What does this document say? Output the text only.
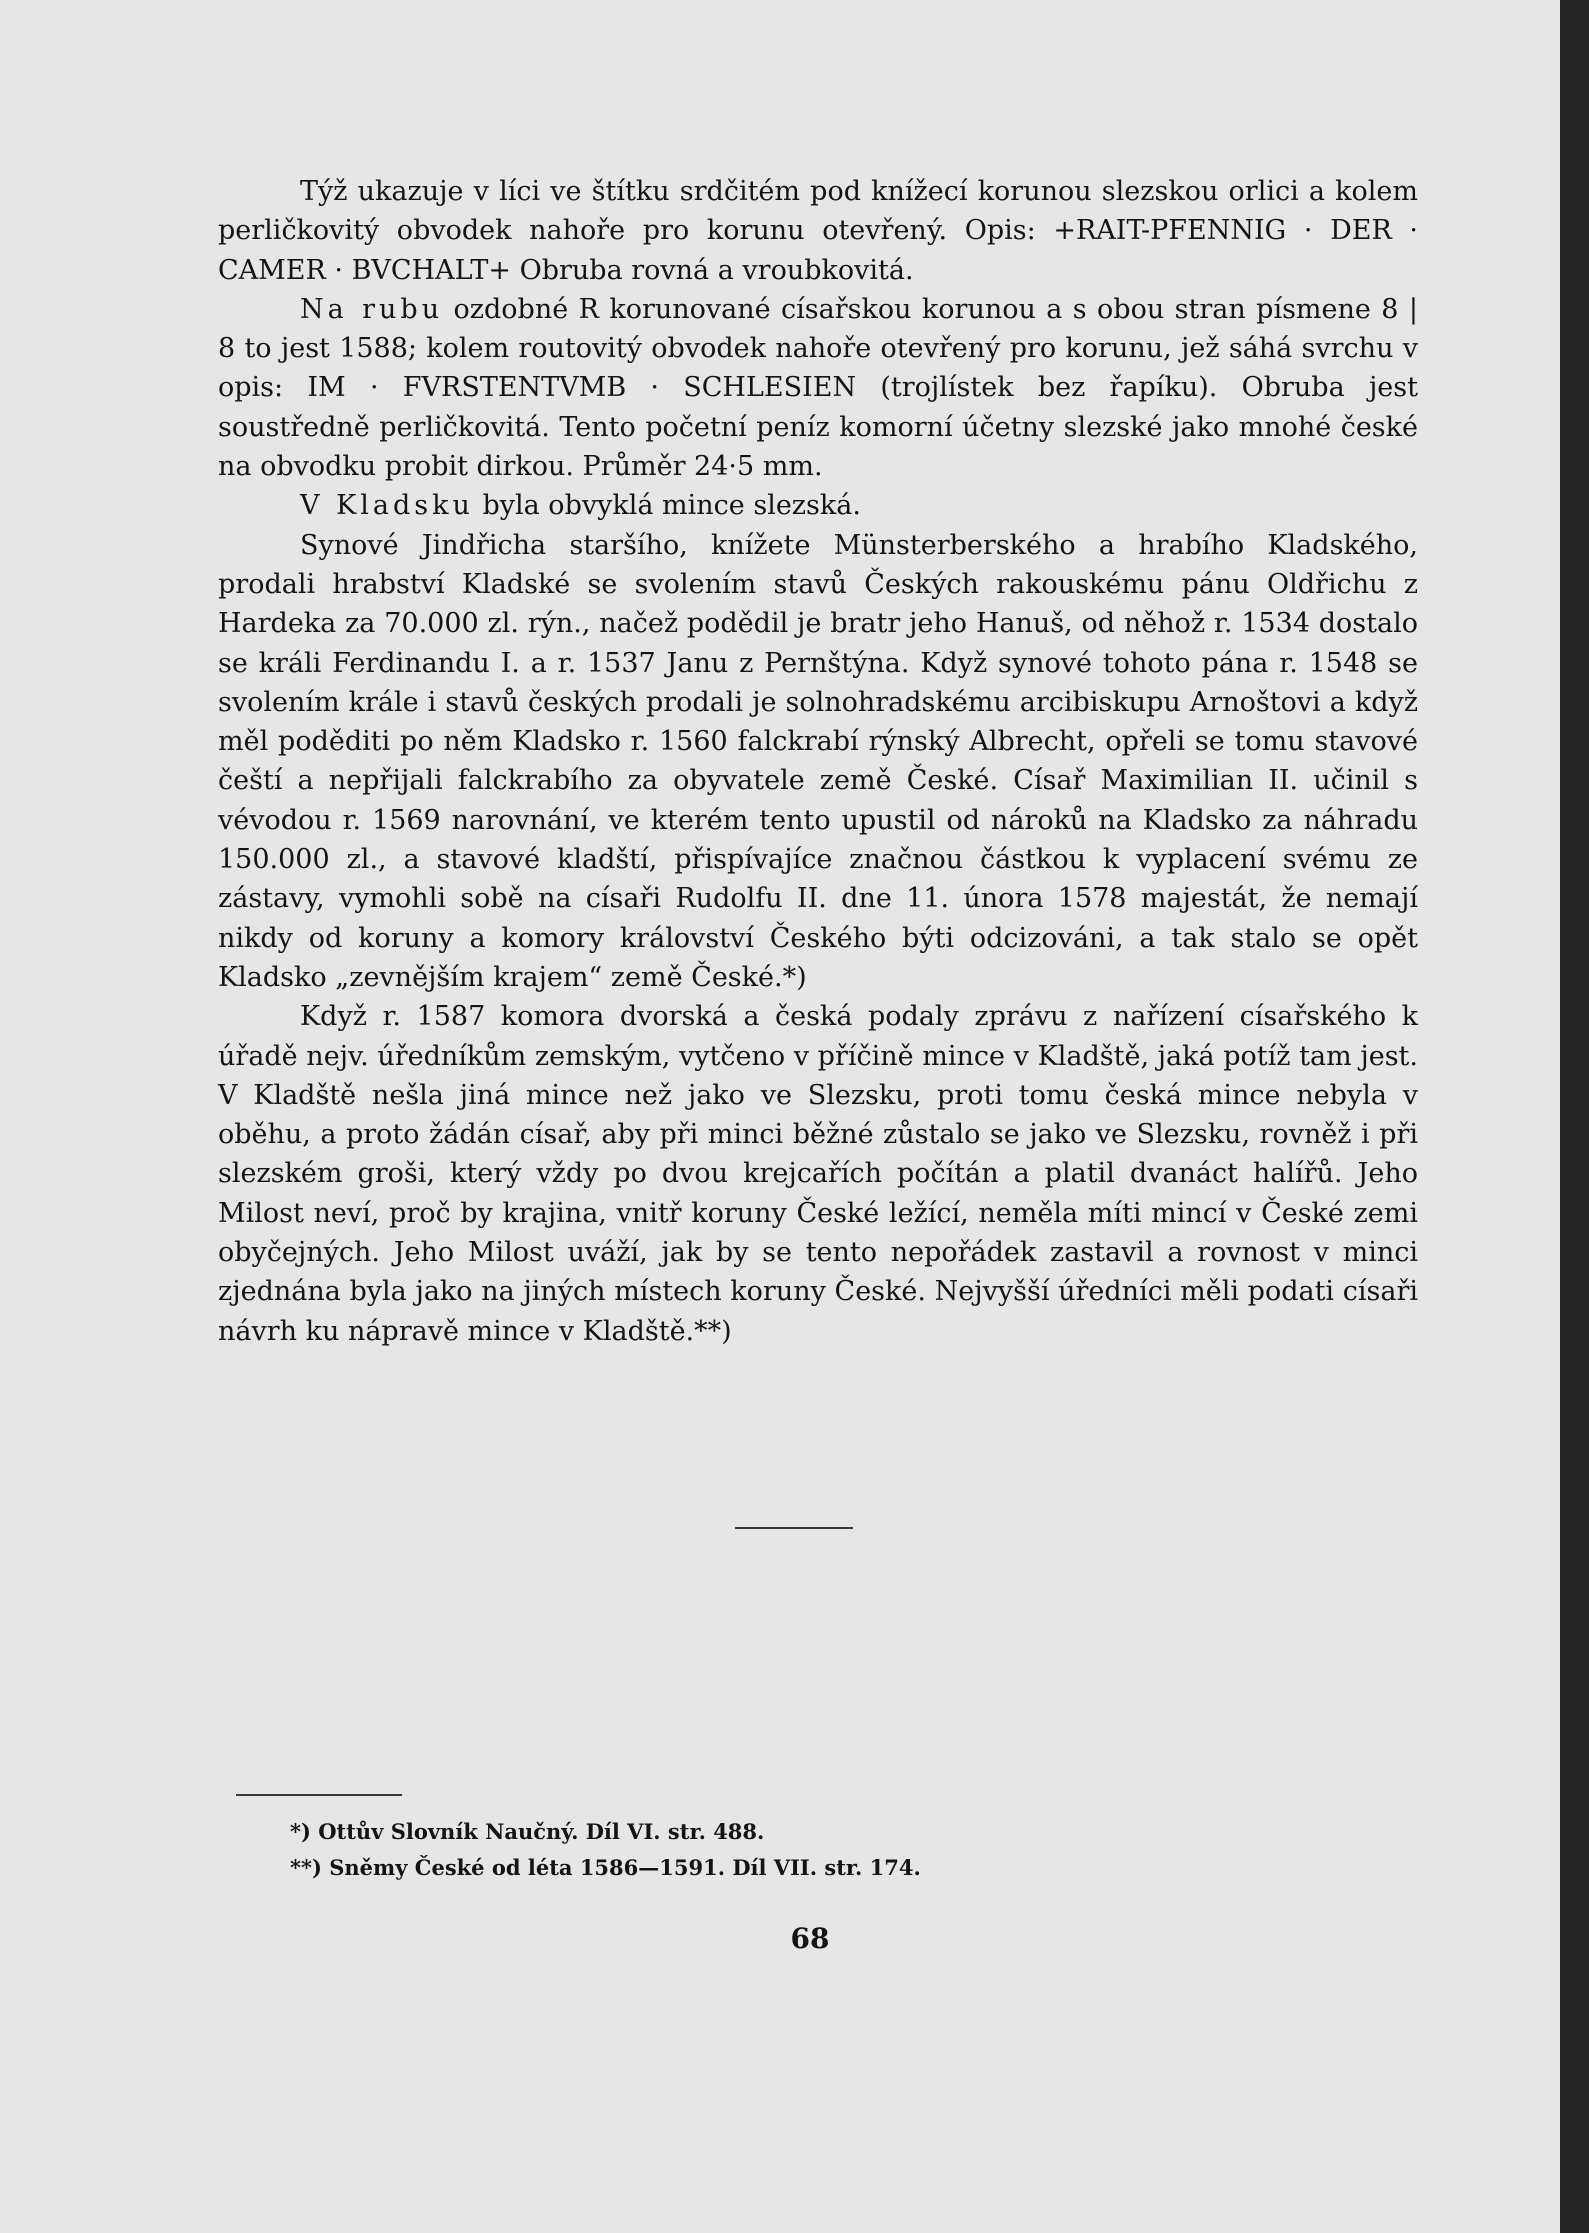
Týž ukazuje v líci ve štítku srdčitém pod knížecí korunou slezskou orlici a kolem perličkovitý obvodek nahoře pro korunu otevřený. Opis: +RAIT-PFENNIG · DER · CAMER · BVCHALT+ Obruba rovná a vroubkovitá.

Na rubu ozdobné R korunované císařskou korunou a s obou stran písmene 8 | 8 to jest 1588; kolem routovitý obvodek nahoře otevřený pro korunu, jež sáhá svrchu v opis: IM · FVRSTENTVMB · SCHLESIEN (trojlístek bez řapíku). Obruba jest soustředně perličkovitá. Tento početní peníz komorní účetny slezské jako mnohé české na obvodku probit dirkou. Průměr 24·5 mm.

V Kladsku byla obvyklá mince slezská.

Synové Jindřicha staršího, knížete Münsterberského a hrabího Kladského, prodali hrabství Kladské se svolením stavů Českých rakouskému pánu Oldřichu z Hardeka za 70.000 zl. rýn., načež podědil je bratr jeho Hanuš, od něhož r. 1534 dostalo se králi Ferdinandu I. a r. 1537 Janu z Pernštýna. Když synové tohoto pána r. 1548 se svolením krále i stavů českých prodali je solnohradskému arcibiskupu Arnoštovi a když měl poděditi po něm Kladsko r. 1560 falckrabí rýnský Albrecht, opřeli se tomu stavové čeští a nepřijali falckrabího za obyvatele země České. Císař Maximilian II. učinil s vévodou r. 1569 narovnání, ve kterém tento upustil od nároků na Kladsko za náhradu 150.000 zl., a stavové kladští, přispívajíce značnou částkou k vyplacení svému ze zástavy, vymohli sobě na císaři Rudolfu II. dne 11. února 1578 majestát, že nemají nikdy od koruny a komory království Českého býti odcizováni, a tak stalo se opět Kladsko „zevnějším krajem“ země České.*)

Když r. 1587 komora dvorská a česká podaly zprávu z nařízení císařského k úřadě nejv. úředníkům zemským, vytčeno v příčině mince v Kladště, jaká potíž tam jest. V Kladště nešla jiná mince než jako ve Slezsku, proti tomu česká mince nebyla v oběhu, a proto žádán císař, aby při minci běžné zůstalo se jako ve Slezsku, rovněž i při slezském groši, který vždy po dvou krejcařích počítán a platil dvanáct halířů. Jeho Milost neví, proč by krajina, vnitř koruny České ležící, neměla míti mincí v České zemi obyčejných. Jeho Milost uváží, jak by se tento nepořádek zastavil a rovnost v minci zjednána byla jako na jiných místech koruny České. Nejvyšší úředníci měli podati císaři návrh ku nápravě mince v Kladště.**)

*) Ottův Slovník Naučný. Díl VI. str. 488.
**) Sněmy České od léta 1586—1591. Díl VII. str. 174.
68
